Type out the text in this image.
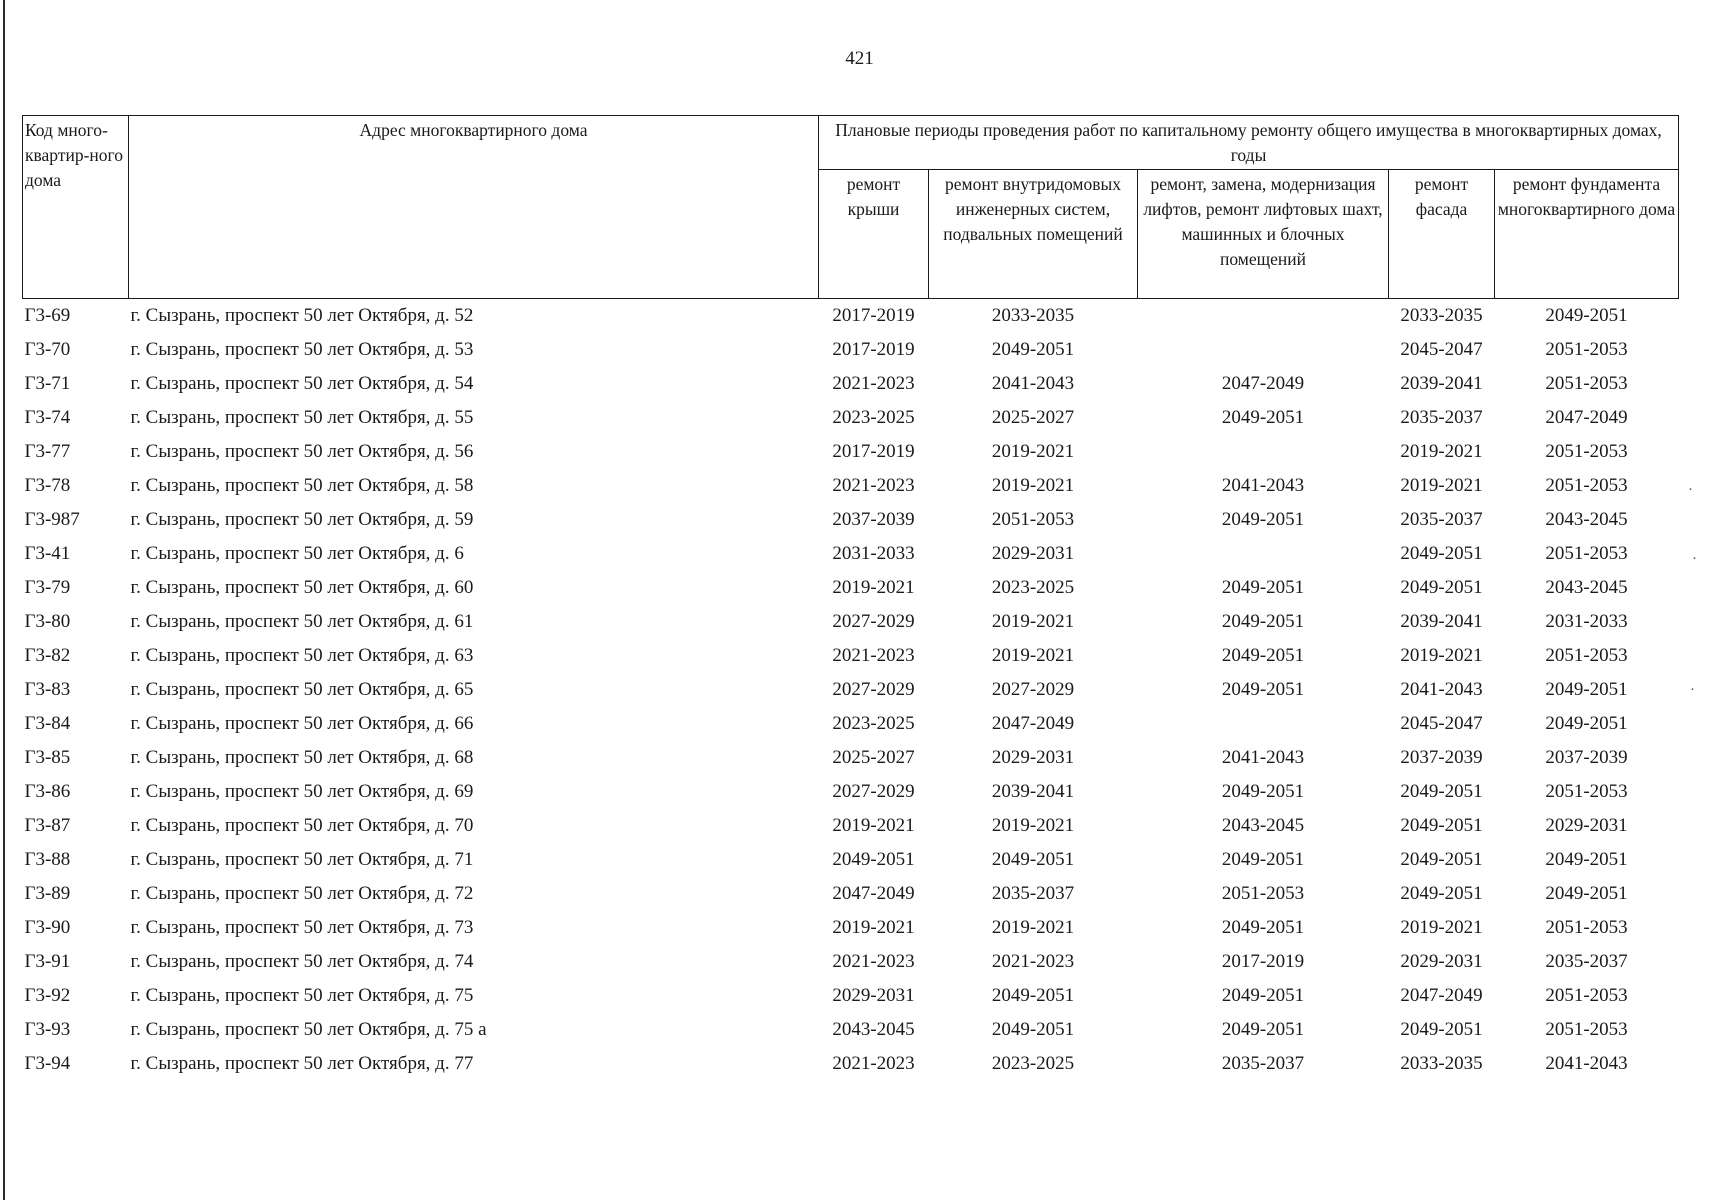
421
Код много-квартир-ного дома	Адрес многоквартирного дома	Плановые периоды проведения работ по капитальному ремонту общего имущества в многоквартирных домах, годы				
		ремонт крыши	ремонт внутридомовых инженерных систем, подвальных помещений	ремонт, замена, модернизация лифтов, ремонт лифтовых шахт, машинных и блочных помещений	ремонт фасада	ремонт фундамента многоквартирного дома
Г3-69	г. Сызрань, проспект 50 лет Октября, д. 52	2017-2019	2033-2035		2033-2035	2049-2051
Г3-70	г. Сызрань, проспект 50 лет Октября, д. 53	2017-2019	2049-2051		2045-2047	2051-2053
Г3-71	г. Сызрань, проспект 50 лет Октября, д. 54	2021-2023	2041-2043	2047-2049	2039-2041	2051-2053
Г3-74	г. Сызрань, проспект 50 лет Октября, д. 55	2023-2025	2025-2027	2049-2051	2035-2037	2047-2049
Г3-77	г. Сызрань, проспект 50 лет Октября, д. 56	2017-2019	2019-2021		2019-2021	2051-2053
Г3-78	г. Сызрань, проспект 50 лет Октября, д. 58	2021-2023	2019-2021	2041-2043	2019-2021	2051-2053
Г3-987	г. Сызрань, проспект 50 лет Октября, д. 59	2037-2039	2051-2053	2049-2051	2035-2037	2043-2045
Г3-41	г. Сызрань, проспект 50 лет Октября, д. 6	2031-2033	2029-2031		2049-2051	2051-2053
Г3-79	г. Сызрань, проспект 50 лет Октября, д. 60	2019-2021	2023-2025	2049-2051	2049-2051	2043-2045
Г3-80	г. Сызрань, проспект 50 лет Октября, д. 61	2027-2029	2019-2021	2049-2051	2039-2041	2031-2033
Г3-82	г. Сызрань, проспект 50 лет Октября, д. 63	2021-2023	2019-2021	2049-2051	2019-2021	2051-2053
Г3-83	г. Сызрань, проспект 50 лет Октября, д. 65	2027-2029	2027-2029	2049-2051	2041-2043	2049-2051
Г3-84	г. Сызрань, проспект 50 лет Октября, д. 66	2023-2025	2047-2049		2045-2047	2049-2051
Г3-85	г. Сызрань, проспект 50 лет Октября, д. 68	2025-2027	2029-2031	2041-2043	2037-2039	2037-2039
Г3-86	г. Сызрань, проспект 50 лет Октября, д. 69	2027-2029	2039-2041	2049-2051	2049-2051	2051-2053
Г3-87	г. Сызрань, проспект 50 лет Октября, д. 70	2019-2021	2019-2021	2043-2045	2049-2051	2029-2031
Г3-88	г. Сызрань, проспект 50 лет Октября, д. 71	2049-2051	2049-2051	2049-2051	2049-2051	2049-2051
Г3-89	г. Сызрань, проспект 50 лет Октября, д. 72	2047-2049	2035-2037	2051-2053	2049-2051	2049-2051
Г3-90	г. Сызрань, проспект 50 лет Октября, д. 73	2019-2021	2019-2021	2049-2051	2019-2021	2051-2053
Г3-91	г. Сызрань, проспект 50 лет Октября, д. 74	2021-2023	2021-2023	2017-2019	2029-2031	2035-2037
Г3-92	г. Сызрань, проспект 50 лет Октября, д. 75	2029-2031	2049-2051	2049-2051	2047-2049	2051-2053
Г3-93	г. Сызрань, проспект 50 лет Октября, д. 75 а	2043-2045	2049-2051	2049-2051	2049-2051	2051-2053
Г3-94	г. Сызрань, проспект 50 лет Октября, д. 77	2021-2023	2023-2025	2035-2037	2033-2035	2041-2043
·
·
·
